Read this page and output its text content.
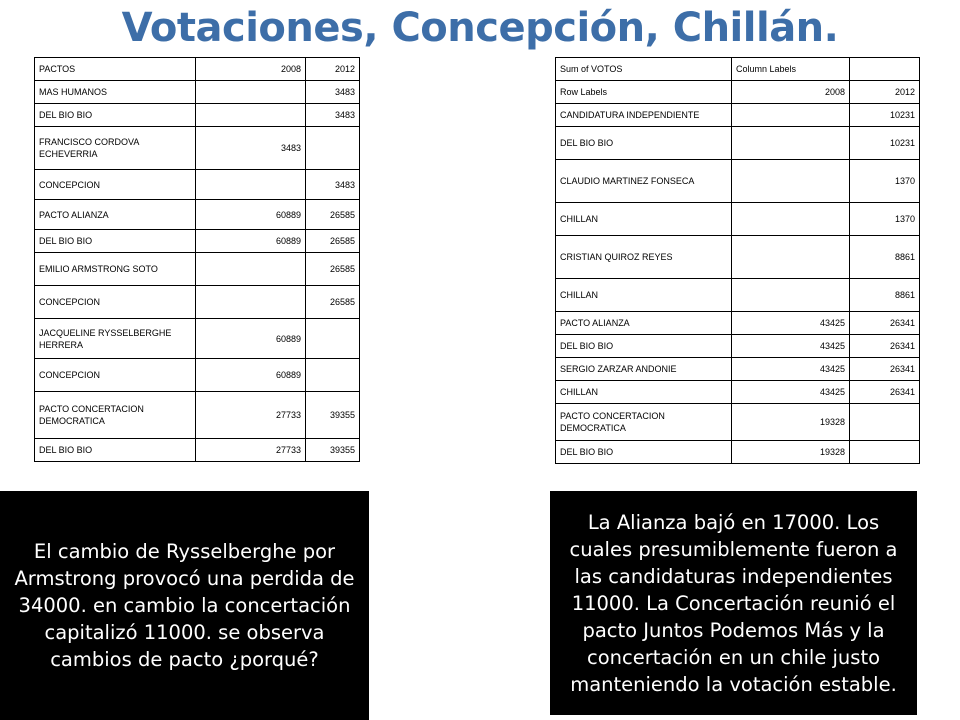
Votaciones, Concepción, Chillán.
PACTOS	2008	2012
MAS HUMANOS		3483
DEL BIO BIO		3483
FRANCISCO CORDOVA ECHEVERRIA	3483	
CONCEPCION		3483
PACTO ALIANZA	60889	26585
DEL BIO BIO	60889	26585
EMILIO ARMSTRONG SOTO		26585
CONCEPCION		26585
JACQUELINE RYSSELBERGHE HERRERA	60889	
CONCEPCION	60889	
PACTO CONCERTACION DEMOCRATICA	27733	39355
DEL BIO BIO	27733	39355
Sum of VOTOS	Column Labels	
Row Labels	2008	2012
CANDIDATURA INDEPENDIENTE		10231
DEL BIO BIO		10231
CLAUDIO MARTINEZ FONSECA		1370
CHILLAN		1370
CRISTIAN QUIROZ REYES		8861
CHILLAN		8861
PACTO ALIANZA	43425	26341
DEL BIO BIO	43425	26341
SERGIO ZARZAR ANDONIE	43425	26341
CHILLAN	43425	26341
PACTO CONCERTACION DEMOCRATICA	19328	
DEL BIO BIO	19328	
El cambio de Rysselberghe por Armstrong provocó una perdida de 34000. en cambio la concertación capitalizó 11000. se observa cambios de pacto ¿porqué?
La Alianza bajó en 17000. Los cuales presumiblemente fueron a las candidaturas independientes 11000. La Concertación reunió el pacto Juntos Podemos Más y la concertación en un chile justo manteniendo la votación estable.
